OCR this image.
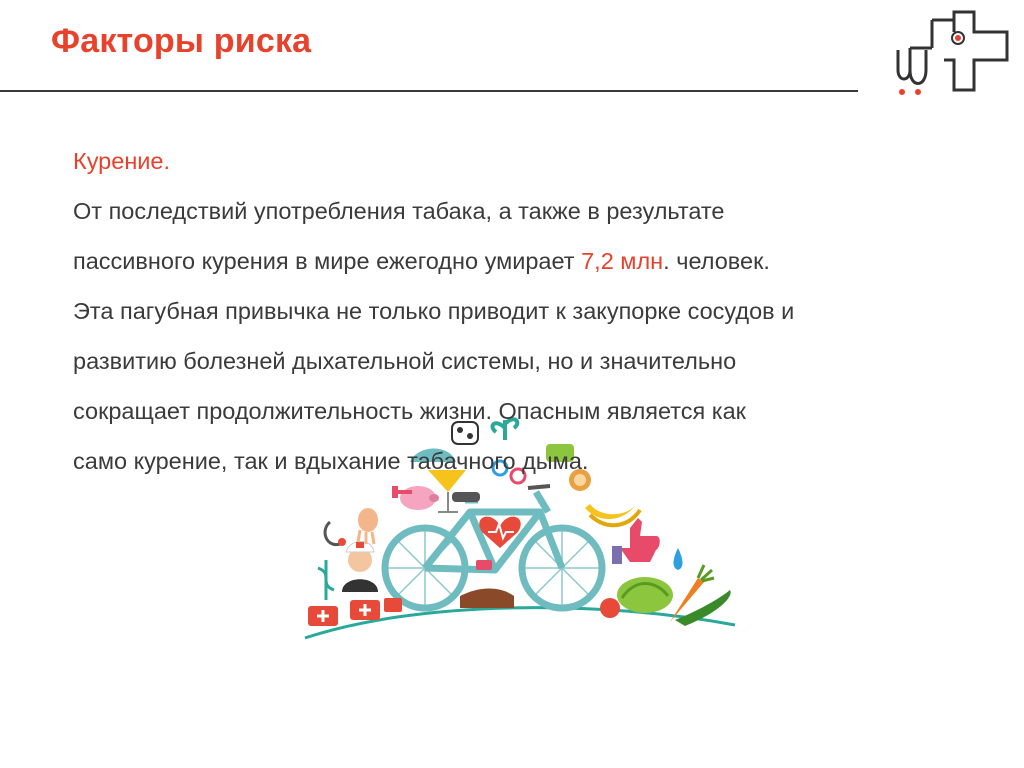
Факторы риска

Курение.

От последствий употребления табака, а также в результате

пассивного курения в мире ежегодно умирает 7,2 млн. человек.

Эта пагубная привычка не только приводит к закупорке сосудов и

развитию болезней дыхательной системы, но и значительно

сокращает продолжительность жизни. Опасным является как

само курение, так и вдыхание табачного дыма.
